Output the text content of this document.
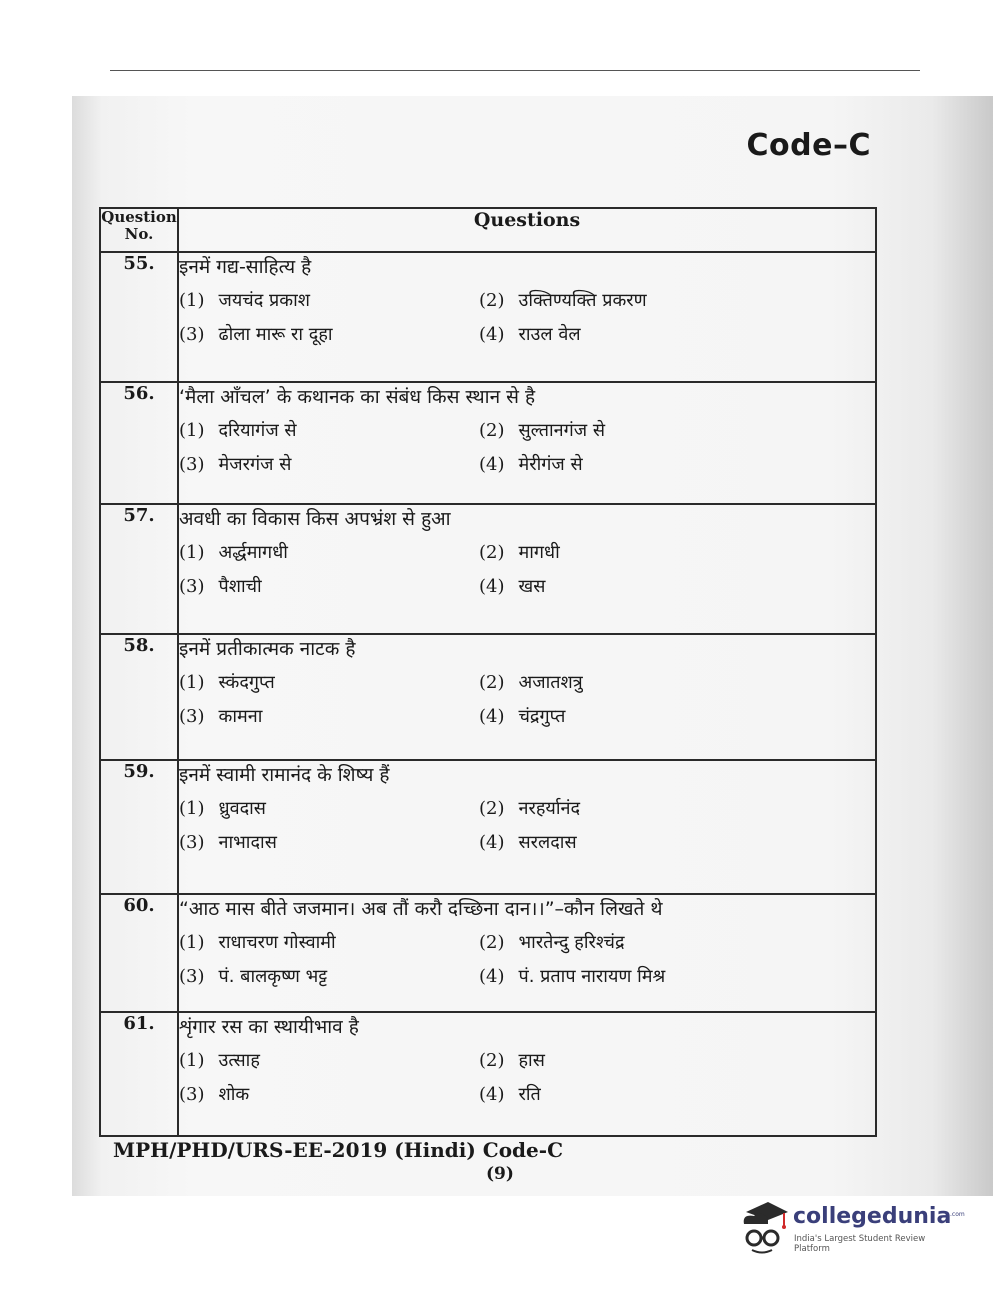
Code–C
Question
No.	Questions
55.	इनमें गद्य-साहित्य है
(1) जयचंद प्रकाश (2) उक्तिण्यक्ति प्रकरण
(3) ढोला मारू रा दूहा (4) राउल वेल

56.	‘मैला आँचल’ के कथानक का संबंध किस स्थान से है
(1) दरियागंज से (2) सुल्तानगंज से
(3) मेजरगंज से (4) मेरीगंज से

57.	अवधी का विकास किस अपभ्रंश से हुआ
(1) अर्द्धमागधी (2) मागधी
(3) पैशाची (4) खस

58.	इनमें प्रतीकात्मक नाटक है
(1) स्कंदगुप्त (2) अजातशत्रु
(3) कामना (4) चंद्रगुप्त

59.	इनमें स्वामी रामानंद के शिष्य हैं
(1) ध्रुवदास (2) नरहर्यानंद
(3) नाभादास (4) सरलदास

60.	“आठ मास बीते जजमान। अब तौं करौ दच्छिना दान।।”–कौन लिखते थे
(1) राधाचरण गोस्वामी (2) भारतेन्दु हरिश्चंद्र
(3) पं. बालकृष्ण भट्ट (4) पं. प्रताप नारायण मिश्र

61.	शृंगार रस का स्थायीभाव है
(1) उत्साह (2) हास
(3) शोक (4) रति
MPH/PHD/URS-EE-2019 (Hindi) Code-C
(9)
collegedunia
.com
India's Largest Student Review Platform
